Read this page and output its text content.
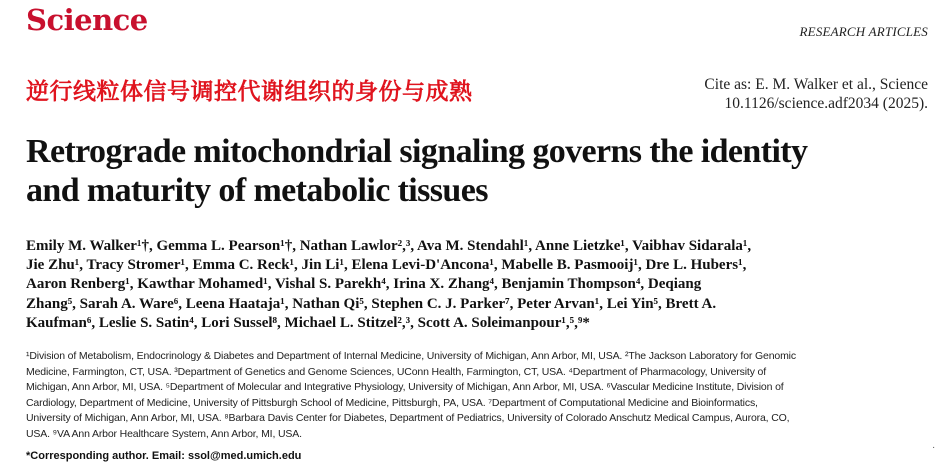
Science	RESEARCH ARTICLES
逆行线粒体信号调控代谢组织的身份与成熟	Cite as: E. M. Walker et al., Science
10.1126/science.adf2034 (2025).
Retrograde mitochondrial signaling governs the identity
and maturity of metabolic tissues
Emily M. Walker¹†, Gemma L. Pearson¹†, Nathan Lawlor²,³, Ava M. Stendahl¹, Anne Lietzke¹, Vaibhav Sidarala¹,
Jie Zhu¹, Tracy Stromer¹, Emma C. Reck¹, Jin Li¹, Elena Levi-D'Ancona¹, Mabelle B. Pasmooij¹, Dre L. Hubers¹,
Aaron Renberg¹, Kawthar Mohamed¹, Vishal S. Parekh⁴, Irina X. Zhang⁴, Benjamin Thompson⁴, Deqiang
Zhang⁵, Sarah A. Ware⁶, Leena Haataja¹, Nathan Qi⁵, Stephen C. J. Parker⁷, Peter Arvan¹, Lei Yin⁵, Brett A.
Kaufman⁶, Leslie S. Satin⁴, Lori Sussel⁸, Michael L. Stitzel²,³, Scott A. Soleimanpour¹,⁵,⁹*
¹Division of Metabolism, Endocrinology & Diabetes and Department of Internal Medicine, University of Michigan, Ann Arbor, MI, USA. ²The Jackson Laboratory for Genomic
Medicine, Farmington, CT, USA. ³Department of Genetics and Genome Sciences, UConn Health, Farmington, CT, USA. ⁴Department of Pharmacology, University of
Michigan, Ann Arbor, MI, USA. ⁵Department of Molecular and Integrative Physiology, University of Michigan, Ann Arbor, MI, USA. ⁶Vascular Medicine Institute, Division of
Cardiology, Department of Medicine, University of Pittsburgh School of Medicine, Pittsburgh, PA, USA. ⁷Department of Computational Medicine and Bioinformatics,
University of Michigan, Ann Arbor, MI, USA. ⁸Barbara Davis Center for Diabetes, Department of Pediatrics, University of Colorado Anschutz Medical Campus, Aurora, CO,
USA. ⁹VA Ann Arbor Healthcare System, Ann Arbor, MI, USA.
*Corresponding author. Email: ssol@med.umich.edu
.
